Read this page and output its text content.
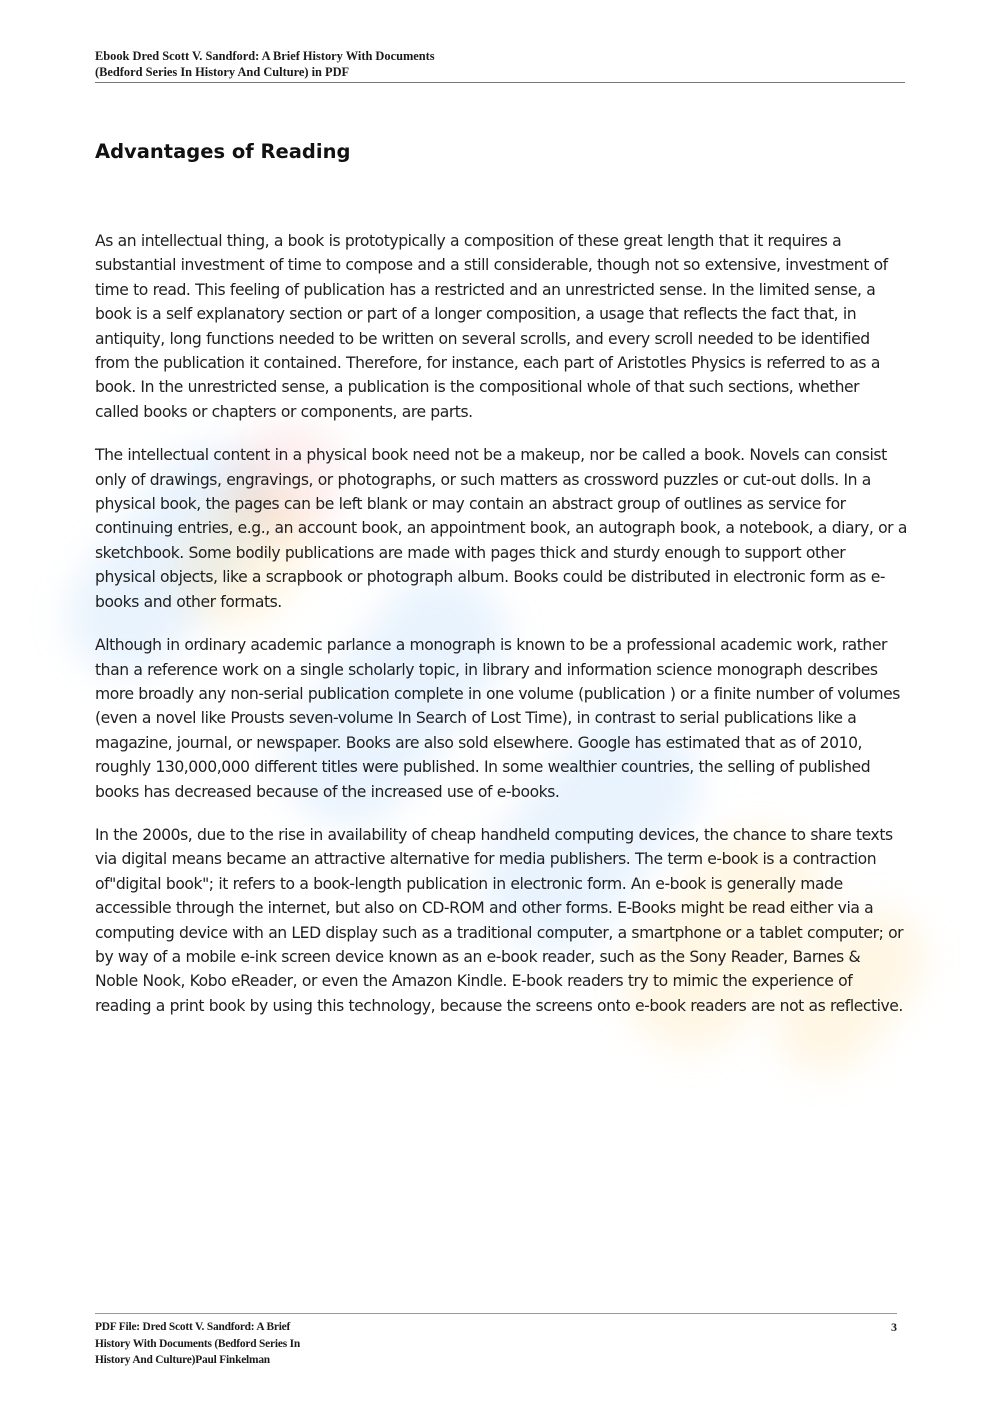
Ebook Dred Scott V. Sandford: A Brief History With Documents
(Bedford Series In History And Culture) in PDF
Advantages of Reading

As an intellectual thing, a book is prototypically a composition of these great length that it requires a substantial investment of time to compose and a still considerable, though not so extensive, investment of time to read. This feeling of publication has a restricted and an unrestricted sense. In the limited sense, a book is a self explanatory section or part of a longer composition, a usage that reflects the fact that, in antiquity, long functions needed to be written on several scrolls, and every scroll needed to be identified from the publication it contained. Therefore, for instance, each part of Aristotles Physics is referred to as a book. In the unrestricted sense, a publication is the compositional whole of that such sections, whether called books or chapters or components, are parts.

The intellectual content in a physical book need not be a makeup, nor be called a book. Novels can consist only of drawings, engravings, or photographs, or such matters as crossword puzzles or cut-out dolls. In a physical book, the pages can be left blank or may contain an abstract group of outlines as service for continuing entries, e.g., an account book, an appointment book, an autograph book, a notebook, a diary, or a sketchbook. Some bodily publications are made with pages thick and sturdy enough to support other physical objects, like a scrapbook or photograph album. Books could be distributed in electronic form as e-books and other formats.

Although in ordinary academic parlance a monograph is known to be a professional academic work, rather than a reference work on a single scholarly topic, in library and information science monograph describes more broadly any non-serial publication complete in one volume (publication ) or a finite number of volumes (even a novel like Prousts seven-volume In Search of Lost Time), in contrast to serial publications like a magazine, journal, or newspaper. Books are also sold elsewhere. Google has estimated that as of 2010, roughly 130,000,000 different titles were published. In some wealthier countries, the selling of published books has decreased because of the increased use of e-books.

In the 2000s, due to the rise in availability of cheap handheld computing devices, the chance to share texts via digital means became an attractive alternative for media publishers. The term e-book is a contraction of"digital book"; it refers to a book-length publication in electronic form. An e-book is generally made accessible through the internet, but also on CD-ROM and other forms. E-Books might be read either via a computing device with an LED display such as a traditional computer, a smartphone or a tablet computer; or by way of a mobile e-ink screen device known as an e-book reader, such as the Sony Reader, Barnes & Noble Nook, Kobo eReader, or even the Amazon Kindle. E-book readers try to mimic the experience of reading a print book by using this technology, because the screens onto e-book readers are not as reflective.

PDF File: Dred Scott V. Sandford: A Brief
History With Documents (Bedford Series In
History And Culture)Paul Finkelman
3
